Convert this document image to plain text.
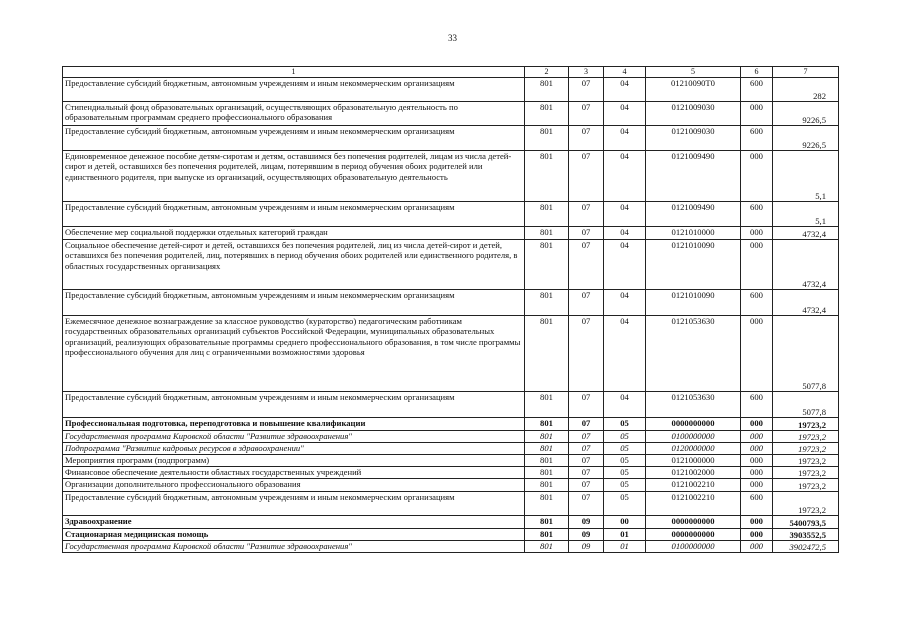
33
1	2	3	4	5	6	7
Предоставление субсидий бюджетным, автономным учреждениям и иным некоммерческим организациям	801	07	04	01210090Т0	600	282
Стипендиальный фонд образовательных организаций, осуществляющих образовательную деятельность по образовательным программам среднего профессионального образования	801	07	04	0121009030	000	9226,5
Предоставление субсидий бюджетным, автономным учреждениям и иным некоммерческим организациям	801	07	04	0121009030	600	9226,5
Единовременное денежное пособие детям-сиротам и детям, оставшимся без попечения родителей, лицам из числа детей-сирот и детей, оставшихся без попечения родителей, лицам, потерявшим в период обучения обоих родителей или единственного родителя, при выпуске из организаций, осуществляющих образовательную деятельность	801	07	04	0121009490	000	5,1
Предоставление субсидий бюджетным, автономным учреждениям и иным некоммерческим организациям	801	07	04	0121009490	600	5,1
Обеспечение мер социальной поддержки отдельных категорий граждан	801	07	04	0121010000	000	4732,4
Социальное обеспечение детей-сирот и детей, оставшихся без попечения родителей, лиц из числа детей-сирот и детей, оставшихся без попечения родителей, лиц, потерявших в период обучения обоих родителей или единственного родителя, в областных государственных организациях	801	07	04	0121010090	000	4732,4
Предоставление субсидий бюджетным, автономным учреждениям и иным некоммерческим организациям	801	07	04	0121010090	600	4732,4
Ежемесячное денежное вознаграждение за классное руководство (кураторство) педагогическим работникам государственных образовательных организаций субъектов Российской Федерации, муниципальных образовательных организаций, реализующих образовательные программы среднего профессионального образования, в том числе программы профессионального обучения для лиц с ограниченными возможностями здоровья	801	07	04	0121053630	000	5077,8
Предоставление субсидий бюджетным, автономным учреждениям и иным некоммерческим организациям	801	07	04	0121053630	600	5077,8
Профессиональная подготовка, переподготовка и повышение квалификации	801	07	05	0000000000	000	19723,2
Государственная программа Кировской области "Развитие здравоохранения"	801	07	05	0100000000	000	19723,2
Подпрограмма "Развитие кадровых ресурсов в здравоохранении"	801	07	05	0120000000	000	19723,2
Мероприятия программ (подпрограмм)	801	07	05	0121000000	000	19723,2
Финансовое обеспечение деятельности областных государственных учреждений	801	07	05	0121002000	000	19723,2
Организации дополнительного профессионального образования	801	07	05	0121002210	000	19723,2
Предоставление субсидий бюджетным, автономным учреждениям и иным некоммерческим организациям	801	07	05	0121002210	600	19723,2
Здравоохранение	801	09	00	0000000000	000	5400793,5
Стационарная медицинская помощь	801	09	01	0000000000	000	3903552,5
Государственная программа Кировской области "Развитие здравоохранения"	801	09	01	0100000000	000	3902472,5
